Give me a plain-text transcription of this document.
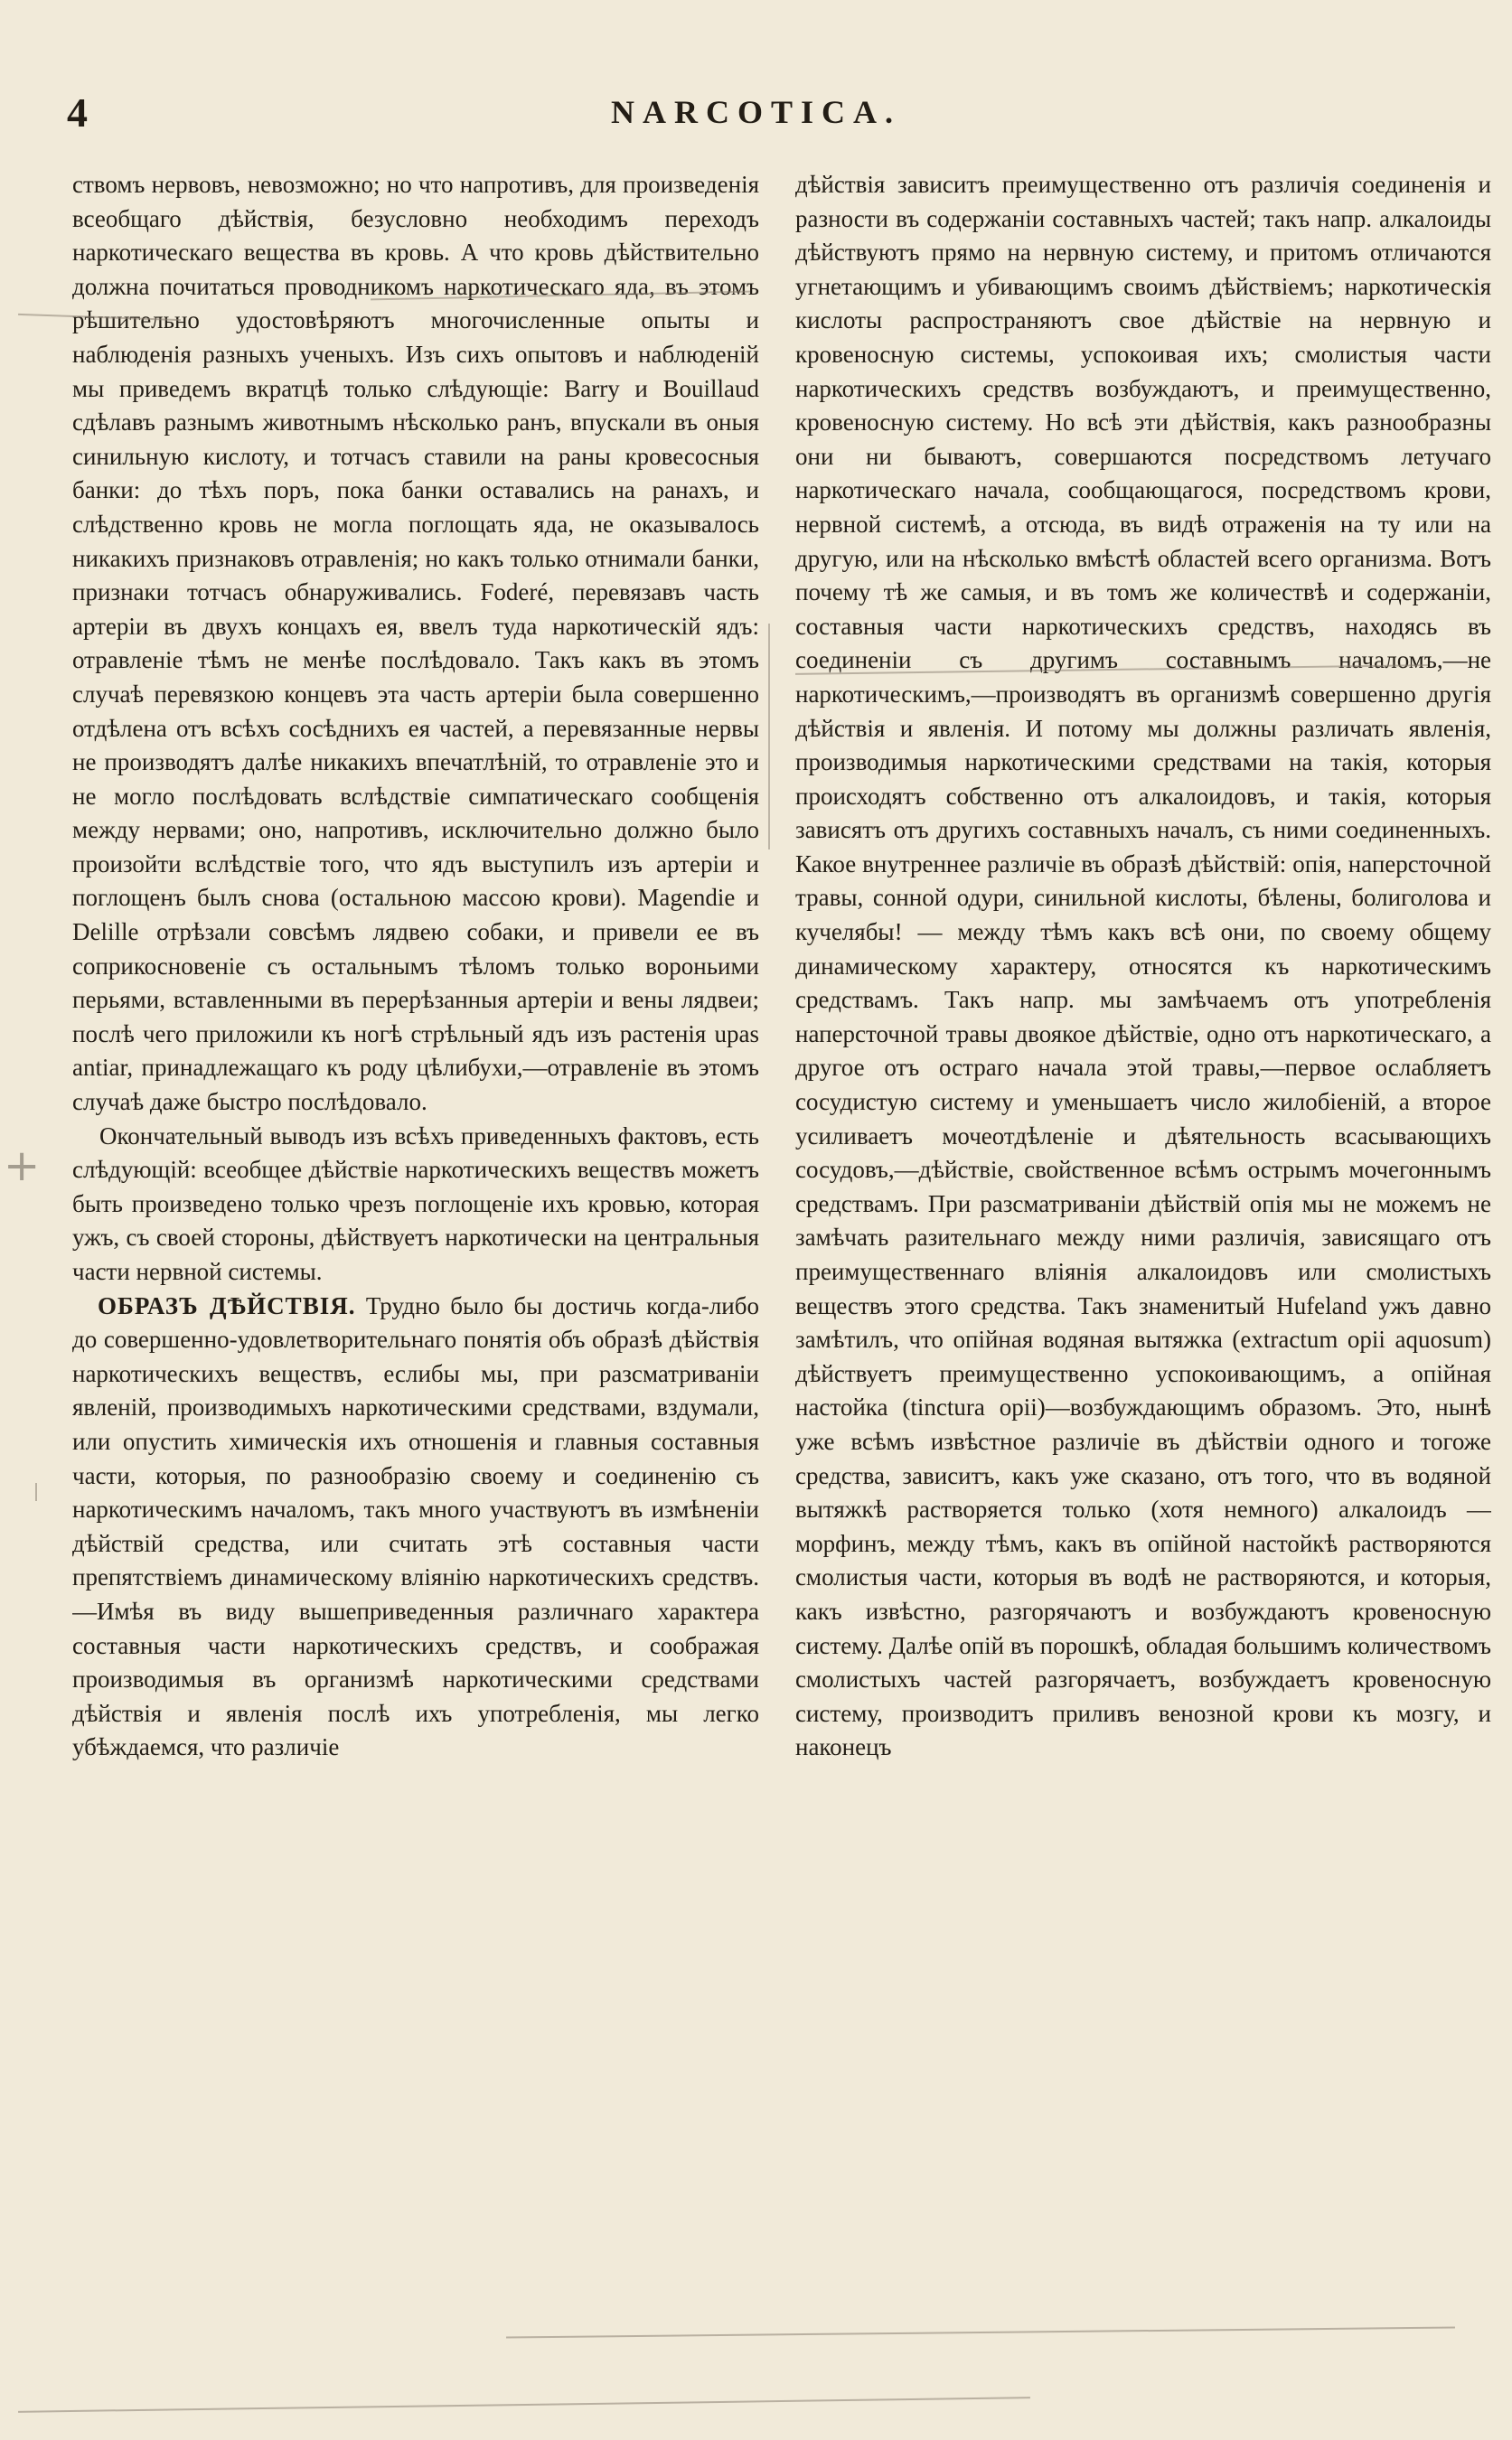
4	NARCOTICA.

ствомъ нервовъ, невозможно; но что напротивъ, для произведенія всеобщаго дѣйствія, безусловно необходимъ переходъ наркотическаго вещества въ кровь. А что кровь дѣйствительно должна почитаться проводникомъ наркотическаго яда, въ этомъ рѣшительно удостовѣряютъ многочисленные опыты и наблюденія разныхъ ученыхъ. Изъ сихъ опытовъ и наблюденій мы приведемъ вкратцѣ только слѣдующіе: Barry и Bouillaud сдѣлавъ разнымъ животнымъ нѣсколько ранъ, впускали въ оныя синильную кислоту, и тотчасъ ставили на раны кровесосныя банки: до тѣхъ поръ, пока банки оставались на ранахъ, и слѣдственно кровь не могла поглощать яда, не оказывалось никакихъ признаковъ отравленія; но какъ только отнимали банки, признаки тотчасъ обнаруживались. Foderé, перевязавъ часть артеріи въ двухъ концахъ ея, ввелъ туда наркотическій ядъ: отравленіе тѣмъ не менѣе послѣдовало. Такъ какъ въ этомъ случаѣ перевязкою концевъ эта часть артеріи была совершенно отдѣлена отъ всѣхъ сосѣднихъ ея частей, а перевязанные нервы не производятъ далѣе никакихъ впечатлѣній, то отравленіе это и не могло послѣдовать вслѣдствіе симпатическаго сообщенія между нервами; оно, напротивъ, исключительно должно было произойти вслѣдствіе того, что ядъ выступилъ изъ артеріи и поглощенъ былъ снова (остальною массою крови). Magendie и Delille отрѣзали совсѣмъ лядвею собаки, и привели ее въ соприкосновеніе съ остальнымъ тѣломъ только вороньими перьями, вставленными въ перерѣзанныя артеріи и вены лядвеи; послѣ чего приложили къ ногѣ стрѣльный ядъ изъ растенія upas antiar, принадлежащаго къ роду цѣлибухи,—отравленіе въ этомъ случаѣ даже быстро послѣдовало.

Окончательный выводъ изъ всѣхъ приведенныхъ фактовъ, есть слѣдующій: всеобщее дѣйствіе наркотическихъ веществъ можетъ быть произведено только чрезъ поглощеніе ихъ кровью, которая ужъ, съ своей стороны, дѣйствуетъ наркотически на центральныя части нервной системы.

ОБРАЗЪ ДѢЙСТВІЯ. Трудно было бы достичь когда-либо до совершенно-удовлетворительнаго понятія объ образѣ дѣйствія наркотическихъ веществъ, еслибы мы, при разсматриваніи явленій, производимыхъ наркотическими средствами, вздумали, или опустить химическія ихъ отношенія и главныя составныя части, которыя, по разнообразію своему и соединенію съ наркотическимъ началомъ, такъ много участвуютъ въ измѣненіи дѣйствій средства, или считать этѣ составныя части препятствіемъ динамическому вліянію наркотическихъ средствъ.—Имѣя въ виду вышеприведенныя различнаго характера составныя части наркотическихъ средствъ, и соображая производимыя въ организмѣ наркотическими средствами дѣйствія и явленія послѣ ихъ употребленія, мы легко убѣждаемся, что различіе

дѣйствія зависитъ преимущественно отъ различія соединенія и разности въ содержаніи составныхъ частей; такъ напр. алкалоиды дѣйствуютъ прямо на нервную систему, и притомъ отличаются угнетающимъ и убивающимъ своимъ дѣйствіемъ; наркотическія кислоты распространяютъ свое дѣйствіе на нервную и кровеносную системы, успокоивая ихъ; смолистыя части наркотическихъ средствъ возбуждаютъ, и преимущественно, кровеносную систему. Но всѣ эти дѣйствія, какъ разнообразны они ни бываютъ, совершаются посредствомъ летучаго наркотическаго начала, сообщающагося, посредствомъ крови, нервной системѣ, а отсюда, въ видѣ отраженія на ту или на другую, или на нѣсколько вмѣстѣ областей всего организма. Вотъ почему тѣ же самыя, и въ томъ же количествѣ и содержаніи, составныя части наркотическихъ средствъ, находясь въ соединеніи съ другимъ составнымъ началомъ,—не наркотическимъ,—производятъ въ организмѣ совершенно другія дѣйствія и явленія. И потому мы должны различать явленія, производимыя наркотическими средствами на такія, которыя происходятъ собственно отъ алкалоидовъ, и такія, которыя зависятъ отъ другихъ составныхъ началъ, съ ними соединенныхъ. Какое внутреннее различіе въ образѣ дѣйствій: опія, наперсточной травы, сонной одури, синильной кислоты, бѣлены, болиголова и кучелябы! — между тѣмъ какъ всѣ они, по своему общему динамическому характеру, относятся къ наркотическимъ средствамъ. Такъ напр. мы замѣчаемъ отъ употребленія наперсточной травы двоякое дѣйствіе, одно отъ наркотическаго, а другое отъ остраго начала этой травы,—первое ослабляетъ сосудистую систему и уменьшаетъ число жилобіеній, а второе усиливаетъ мочеотдѣленіе и дѣятельность всасывающихъ сосудовъ,—дѣйствіе, свойственное всѣмъ острымъ мочегоннымъ средствамъ. При разсматриваніи дѣйствій опія мы не можемъ не замѣчать разительнаго между ними различія, зависящаго отъ преимущественнаго вліянія алкалоидовъ или смолистыхъ веществъ этого средства. Такъ знаменитый Hufeland ужъ давно замѣтилъ, что опійная водяная вытяжка (extractum opii aquosum) дѣйствуетъ преимущественно успокоивающимъ, а опійная настойка (tinctura opii)—возбуждающимъ образомъ. Это, нынѣ уже всѣмъ извѣстное различіе въ дѣйствіи одного и тогоже средства, зависитъ, какъ уже сказано, отъ того, что въ водяной вытяжкѣ растворяется только (хотя немного) алкалоидъ —морфинъ, между тѣмъ, какъ въ опійной настойкѣ растворяются смолистыя части, которыя въ водѣ не растворяются, и которыя, какъ извѣстно, разгорячаютъ и возбуждаютъ кровеносную систему. Далѣе опій въ порошкѣ, обладая большимъ количествомъ смолистыхъ частей разгорячаетъ, возбуждаетъ кровеносную систему, производитъ приливъ венозной крови къ мозгу, и наконецъ

+
